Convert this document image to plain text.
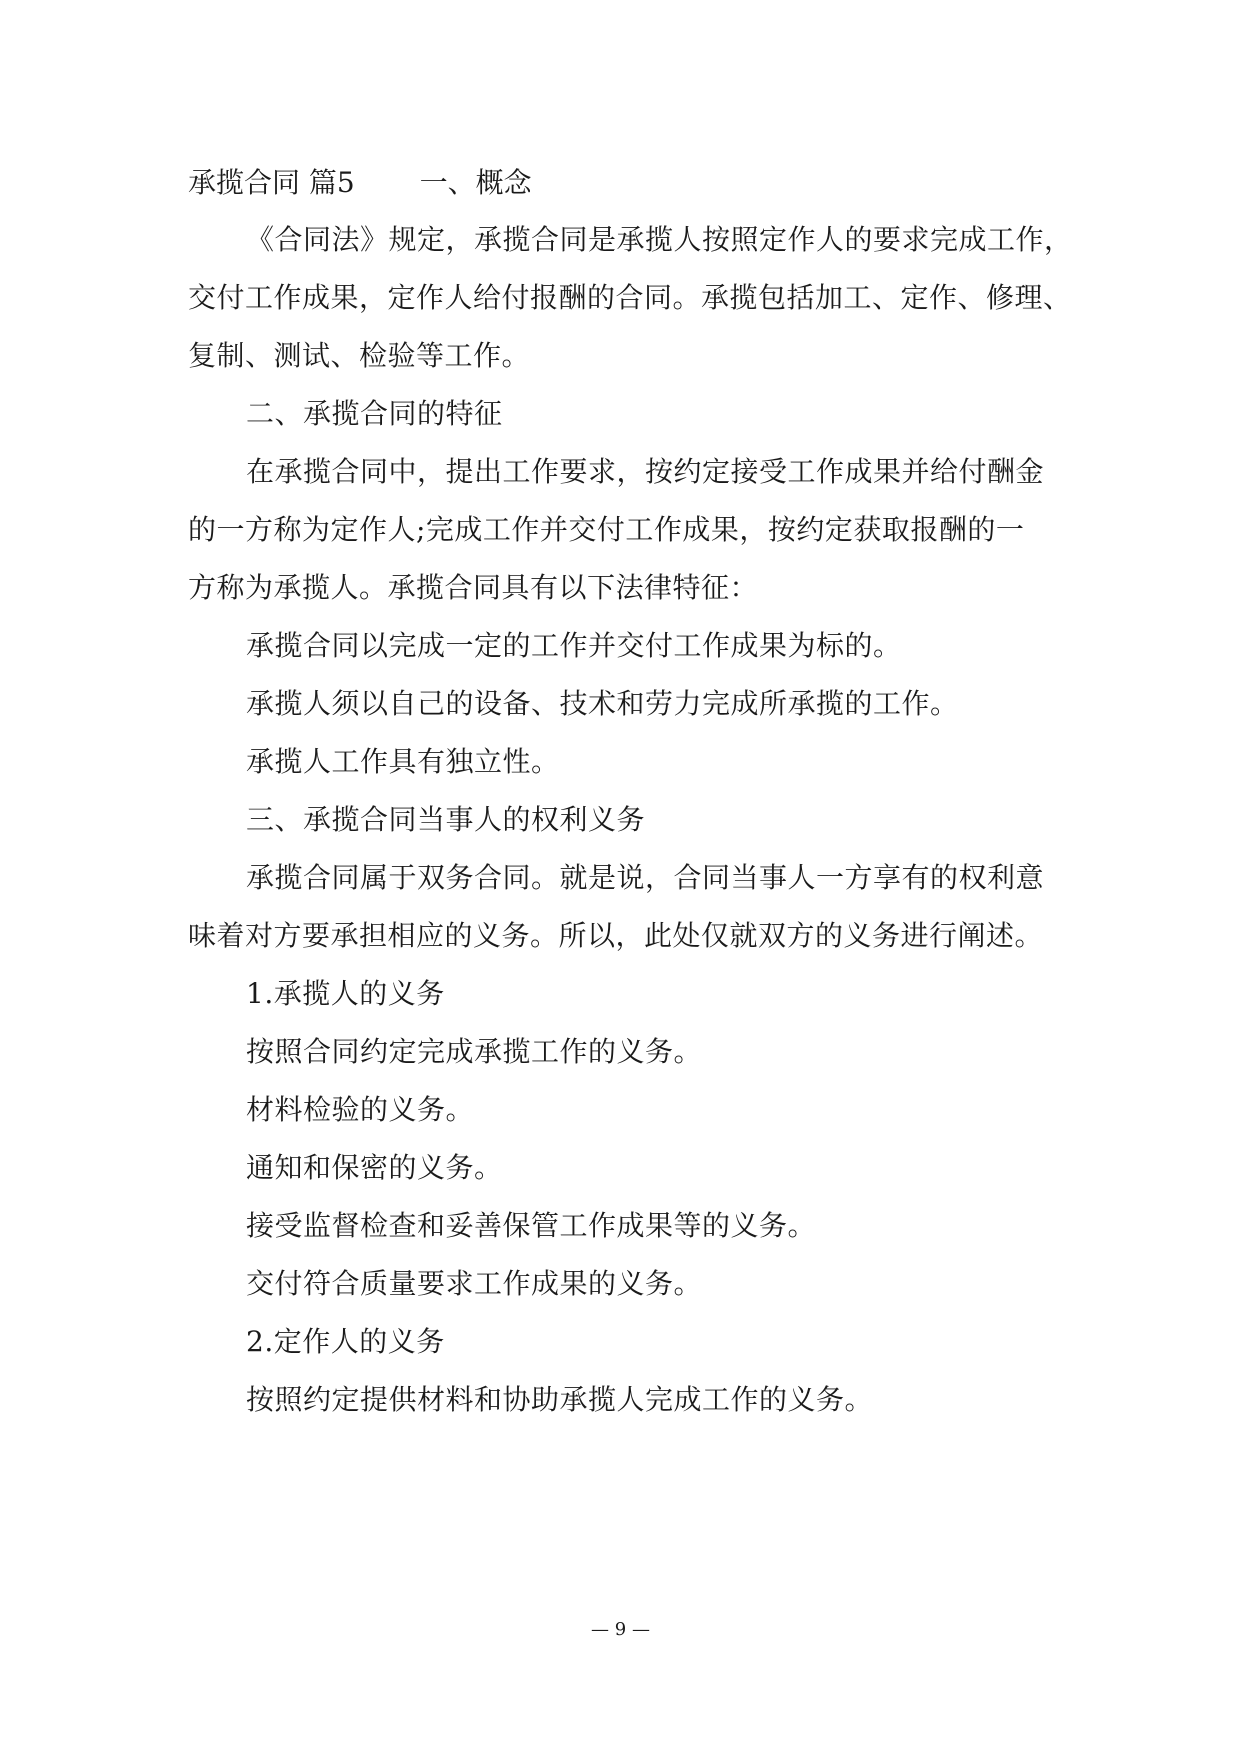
承揽合同 篇5 一、概念
《合同法》规定，承揽合同是承揽人按照定作人的要求完成工作，
交付工作成果，定作人给付报酬的合同。承揽包括加工、定作、修理、
复制、测试、检验等工作。
二、承揽合同的特征
在承揽合同中，提出工作要求，按约定接受工作成果并给付酬金
的一方称为定作人;完成工作并交付工作成果，按约定获取报酬的一
方称为承揽人。承揽合同具有以下法律特征：
承揽合同以完成一定的工作并交付工作成果为标的。
承揽人须以自己的设备、技术和劳力完成所承揽的工作。
承揽人工作具有独立性。
三、承揽合同当事人的权利义务
承揽合同属于双务合同。就是说，合同当事人一方享有的权利意
味着对方要承担相应的义务。所以，此处仅就双方的义务进行阐述。
1.承揽人的义务
按照合同约定完成承揽工作的义务。
材料检验的义务。
通知和保密的义务。
接受监督检查和妥善保管工作成果等的义务。
交付符合质量要求工作成果的义务。
2.定作人的义务
按照约定提供材料和协助承揽人完成工作的义务。
— 9 —
